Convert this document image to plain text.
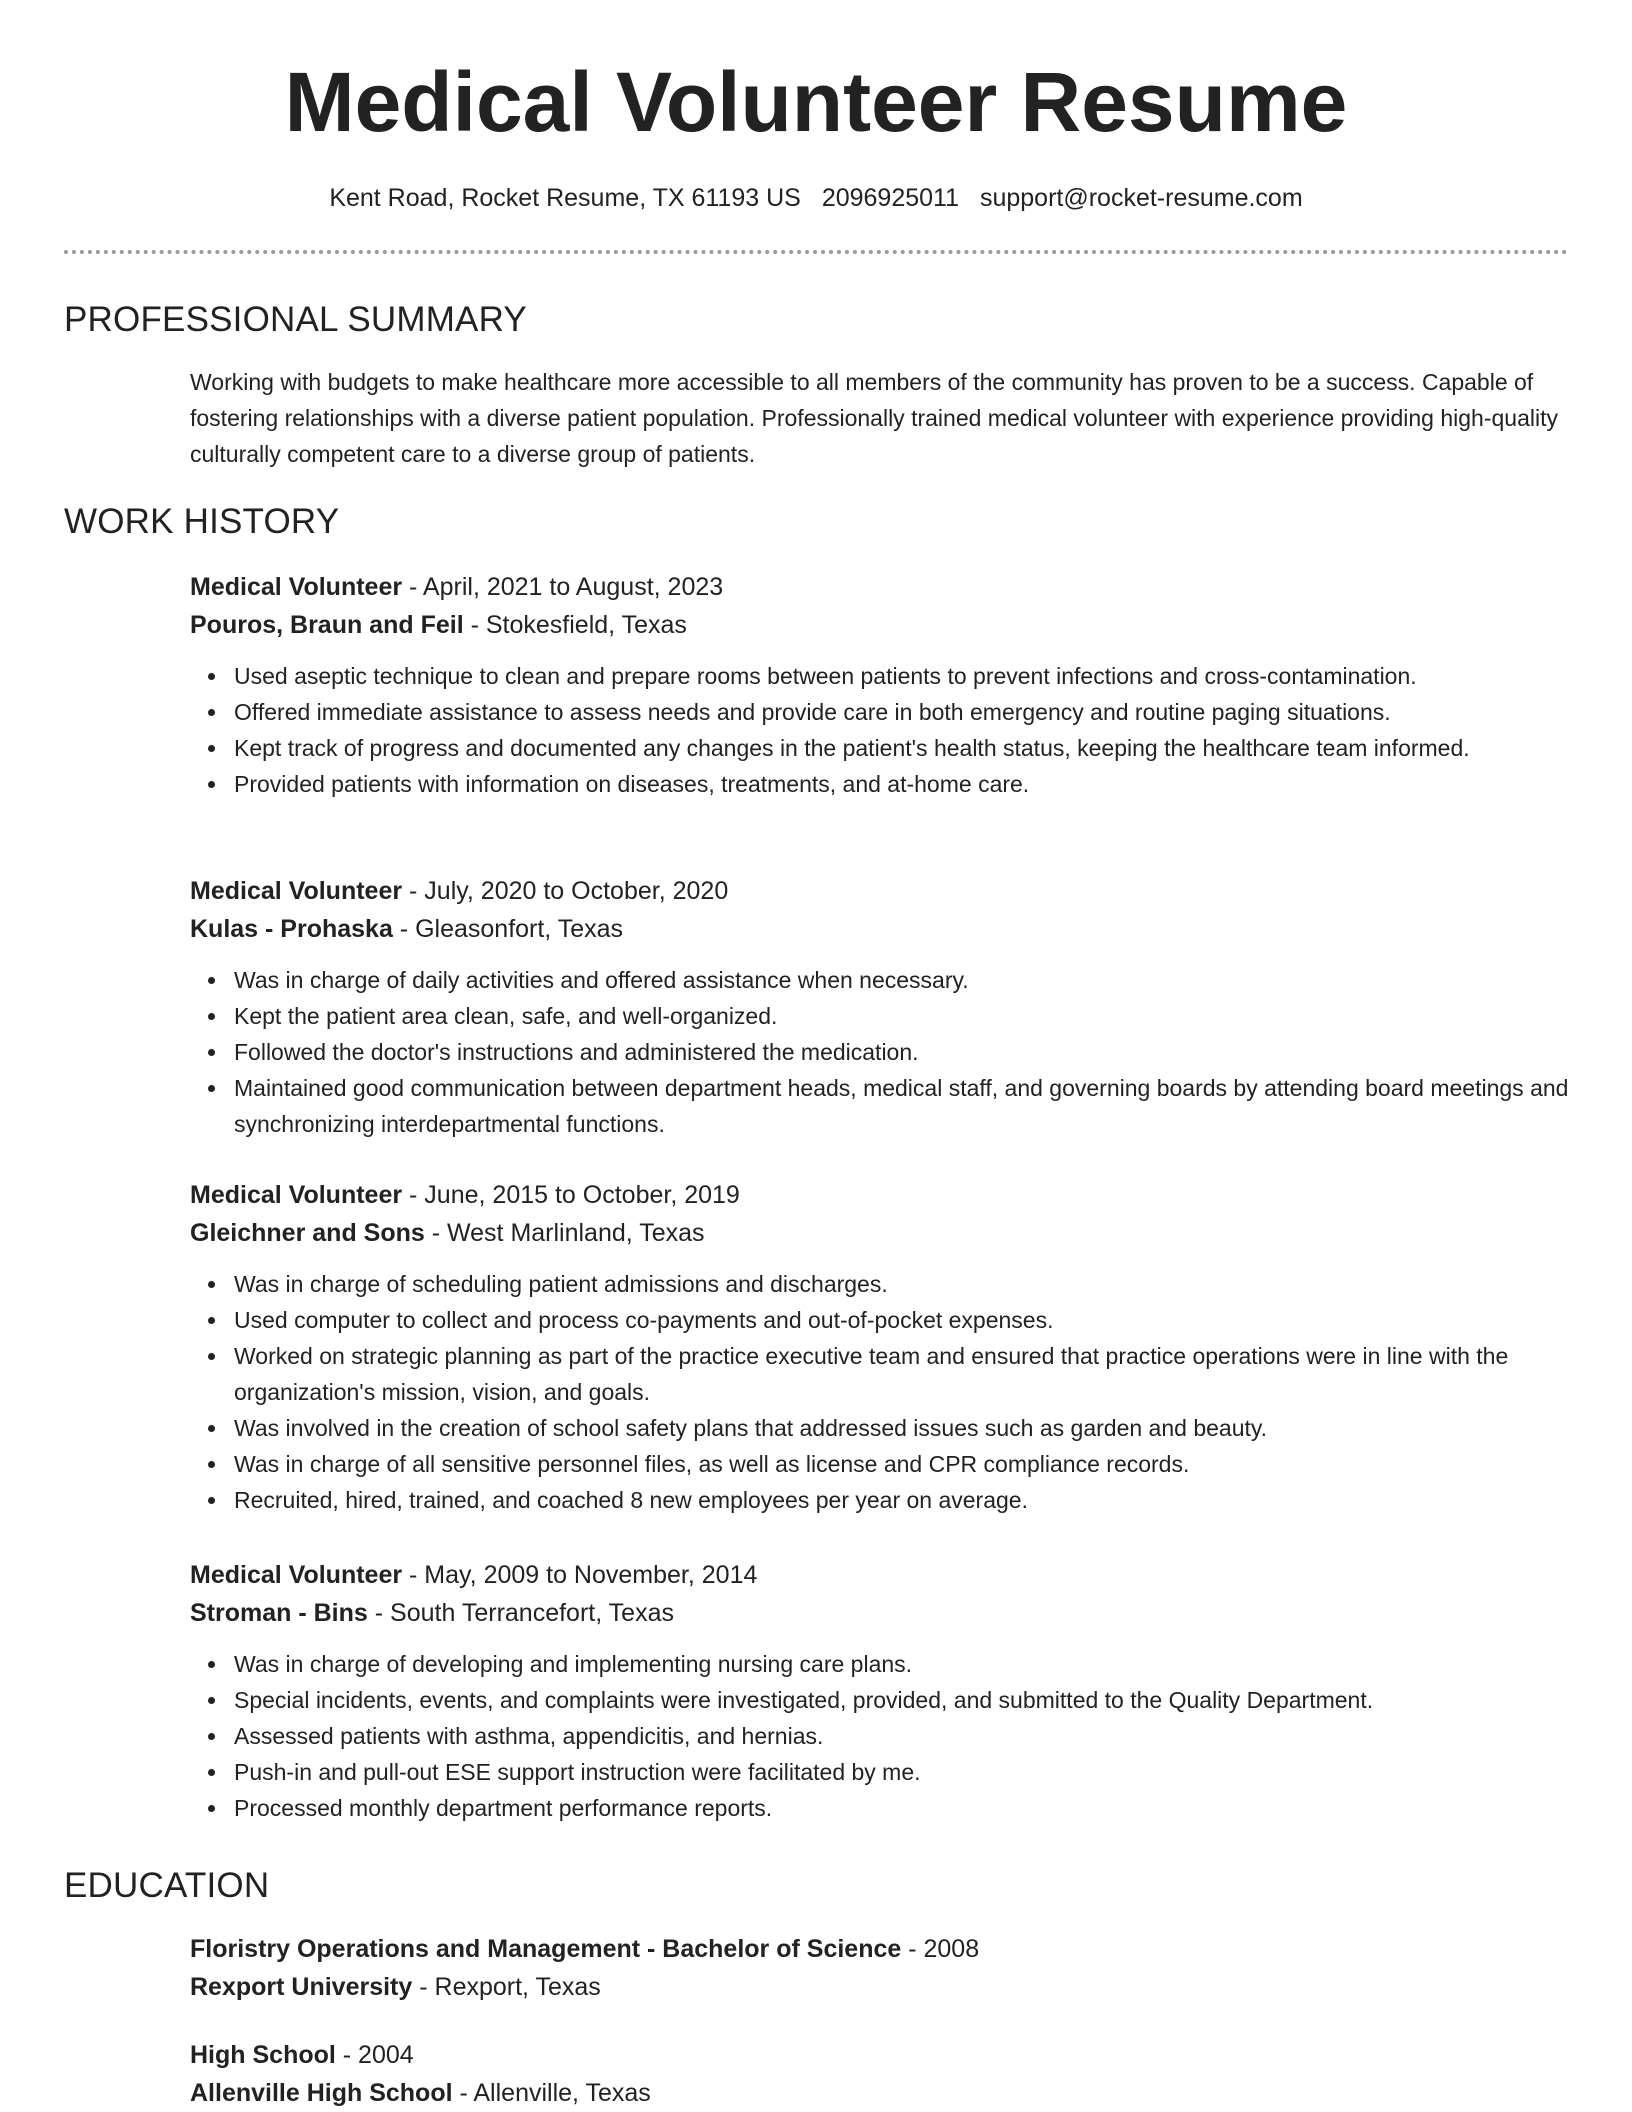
Medical Volunteer Resume
Kent Road, Rocket Resume, TX 61193 US 2096925011 support@rocket-resume.com
PROFESSIONAL SUMMARY

Working with budgets to make healthcare more accessible to all members of the community has proven to be a success. Capable of fostering relationships with a diverse patient population. Professionally trained medical volunteer with experience providing high-quality culturally competent care to a diverse group of patients.

WORK HISTORY

Medical Volunteer - April, 2021 to August, 2023

Pouros, Braun and Feil - Stokesfield, Texas

Used aseptic technique to clean and prepare rooms between patients to prevent infections and cross-contamination.
Offered immediate assistance to assess needs and provide care in both emergency and routine paging situations.
Kept track of progress and documented any changes in the patient's health status, keeping the healthcare team informed.
Provided patients with information on diseases, treatments, and at-home care.

Medical Volunteer - July, 2020 to October, 2020

Kulas - Prohaska - Gleasonfort, Texas

Was in charge of daily activities and offered assistance when necessary.
Kept the patient area clean, safe, and well-organized.
Followed the doctor's instructions and administered the medication.
Maintained good communication between department heads, medical staff, and governing boards by attending board meetings and synchronizing interdepartmental functions.

Medical Volunteer - June, 2015 to October, 2019

Gleichner and Sons - West Marlinland, Texas

Was in charge of scheduling patient admissions and discharges.
Used computer to collect and process co-payments and out-of-pocket expenses.
Worked on strategic planning as part of the practice executive team and ensured that practice operations were in line with the organization's mission, vision, and goals.
Was involved in the creation of school safety plans that addressed issues such as garden and beauty.
Was in charge of all sensitive personnel files, as well as license and CPR compliance records.
Recruited, hired, trained, and coached 8 new employees per year on average.

Medical Volunteer - May, 2009 to November, 2014

Stroman - Bins - South Terrancefort, Texas

Was in charge of developing and implementing nursing care plans.
Special incidents, events, and complaints were investigated, provided, and submitted to the Quality Department.
Assessed patients with asthma, appendicitis, and hernias.
Push-in and pull-out ESE support instruction were facilitated by me.
Processed monthly department performance reports.
EDUCATION

Floristry Operations and Management - Bachelor of Science - 2008

Rexport University - Rexport, Texas

High School - 2004

Allenville High School - Allenville, Texas
